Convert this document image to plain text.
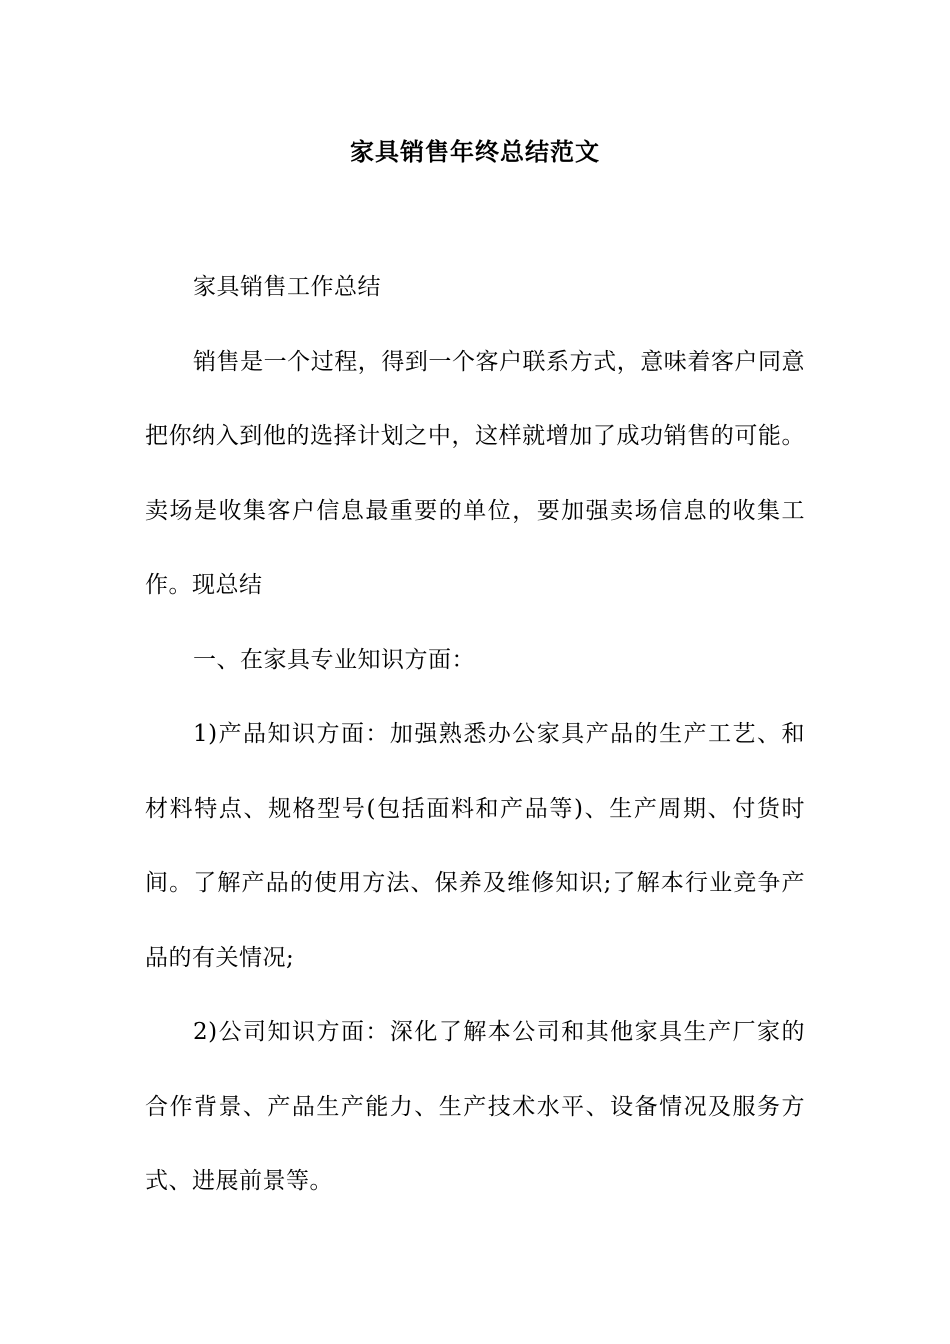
家具销售年终总结范文

家具销售工作总结

销售是一个过程，得到一个客户联系方式，意味着客户同意把你纳入到他的选择计划之中，这样就增加了成功销售的可能。卖场是收集客户信息最重要的单位，要加强卖场信息的收集工作。现总结

一、在家具专业知识方面：

1)产品知识方面：加强熟悉办公家具产品的生产工艺、和材料特点、规格型号(包括面料和产品等)、生产周期、付货时间。了解产品的使用方法、保养及维修知识;了解本行业竞争产品的有关情况;

2)公司知识方面：深化了解本公司和其他家具生产厂家的合作背景、产品生产能力、生产技术水平、设备情况及服务方式、进展前景等。
